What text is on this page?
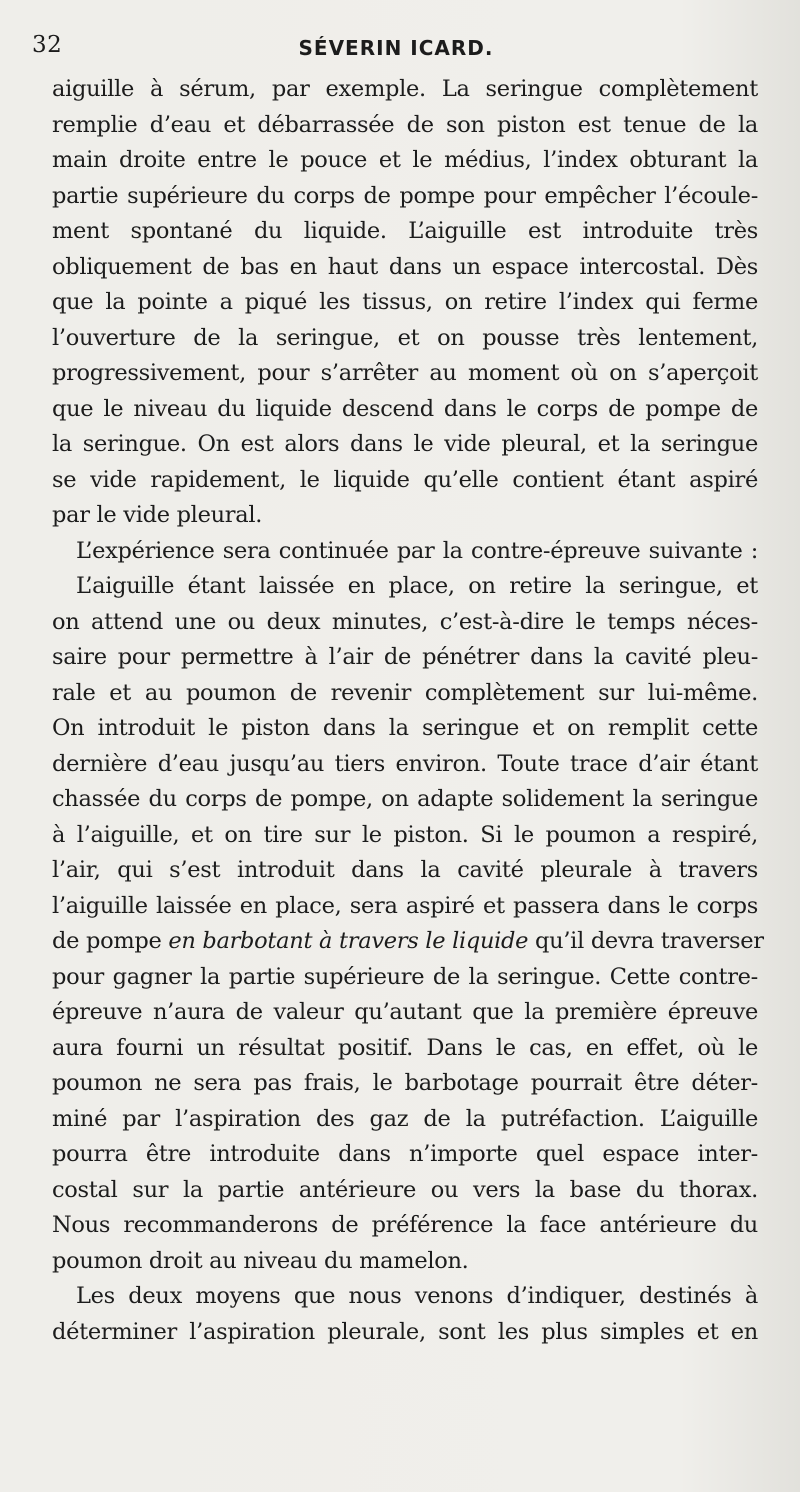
32	SÉVERIN ICARD.
aiguille à sérum, par exemple. La seringue complètement
remplie d’eau et débarrassée de son piston est tenue de la
main droite entre le pouce et le médius, l’index obturant la
partie supérieure du corps de pompe pour empêcher l’écoule-
ment spontané du liquide. L’aiguille est introduite très
obliquement de bas en haut dans un espace intercostal. Dès
que la pointe a piqué les tissus, on retire l’index qui ferme
l’ouverture de la seringue, et on pousse très lentement,
progressivement, pour s’arrêter au moment où on s’aperçoit
que le niveau du liquide descend dans le corps de pompe de
la seringue. On est alors dans le vide pleural, et la seringue
se vide rapidement, le liquide qu’elle contient étant aspiré
par le vide pleural.
L’expérience sera continuée par la contre-épreuve suivante :
L’aiguille étant laissée en place, on retire la seringue, et
on attend une ou deux minutes, c’est-à-dire le temps néces-
saire pour permettre à l’air de pénétrer dans la cavité pleu-
rale et au poumon de revenir complètement sur lui-même.
On introduit le piston dans la seringue et on remplit cette
dernière d’eau jusqu’au tiers environ. Toute trace d’air étant
chassée du corps de pompe, on adapte solidement la seringue
à l’aiguille, et on tire sur le piston. Si le poumon a respiré,
l’air, qui s’est introduit dans la cavité pleurale à travers
l’aiguille laissée en place, sera aspiré et passera dans le corps
de pompe en barbotant à travers le liquide qu’il devra traverser
pour gagner la partie supérieure de la seringue. Cette contre-
épreuve n’aura de valeur qu’autant que la première épreuve
aura fourni un résultat positif. Dans le cas, en effet, où le
poumon ne sera pas frais, le barbotage pourrait être déter-
miné par l’aspiration des gaz de la putréfaction. L’aiguille
pourra être introduite dans n’importe quel espace inter-
costal sur la partie antérieure ou vers la base du thorax.
Nous recommanderons de préférence la face antérieure du
poumon droit au niveau du mamelon.
Les deux moyens que nous venons d’indiquer, destinés à
déterminer l’aspiration pleurale, sont les plus simples et en
